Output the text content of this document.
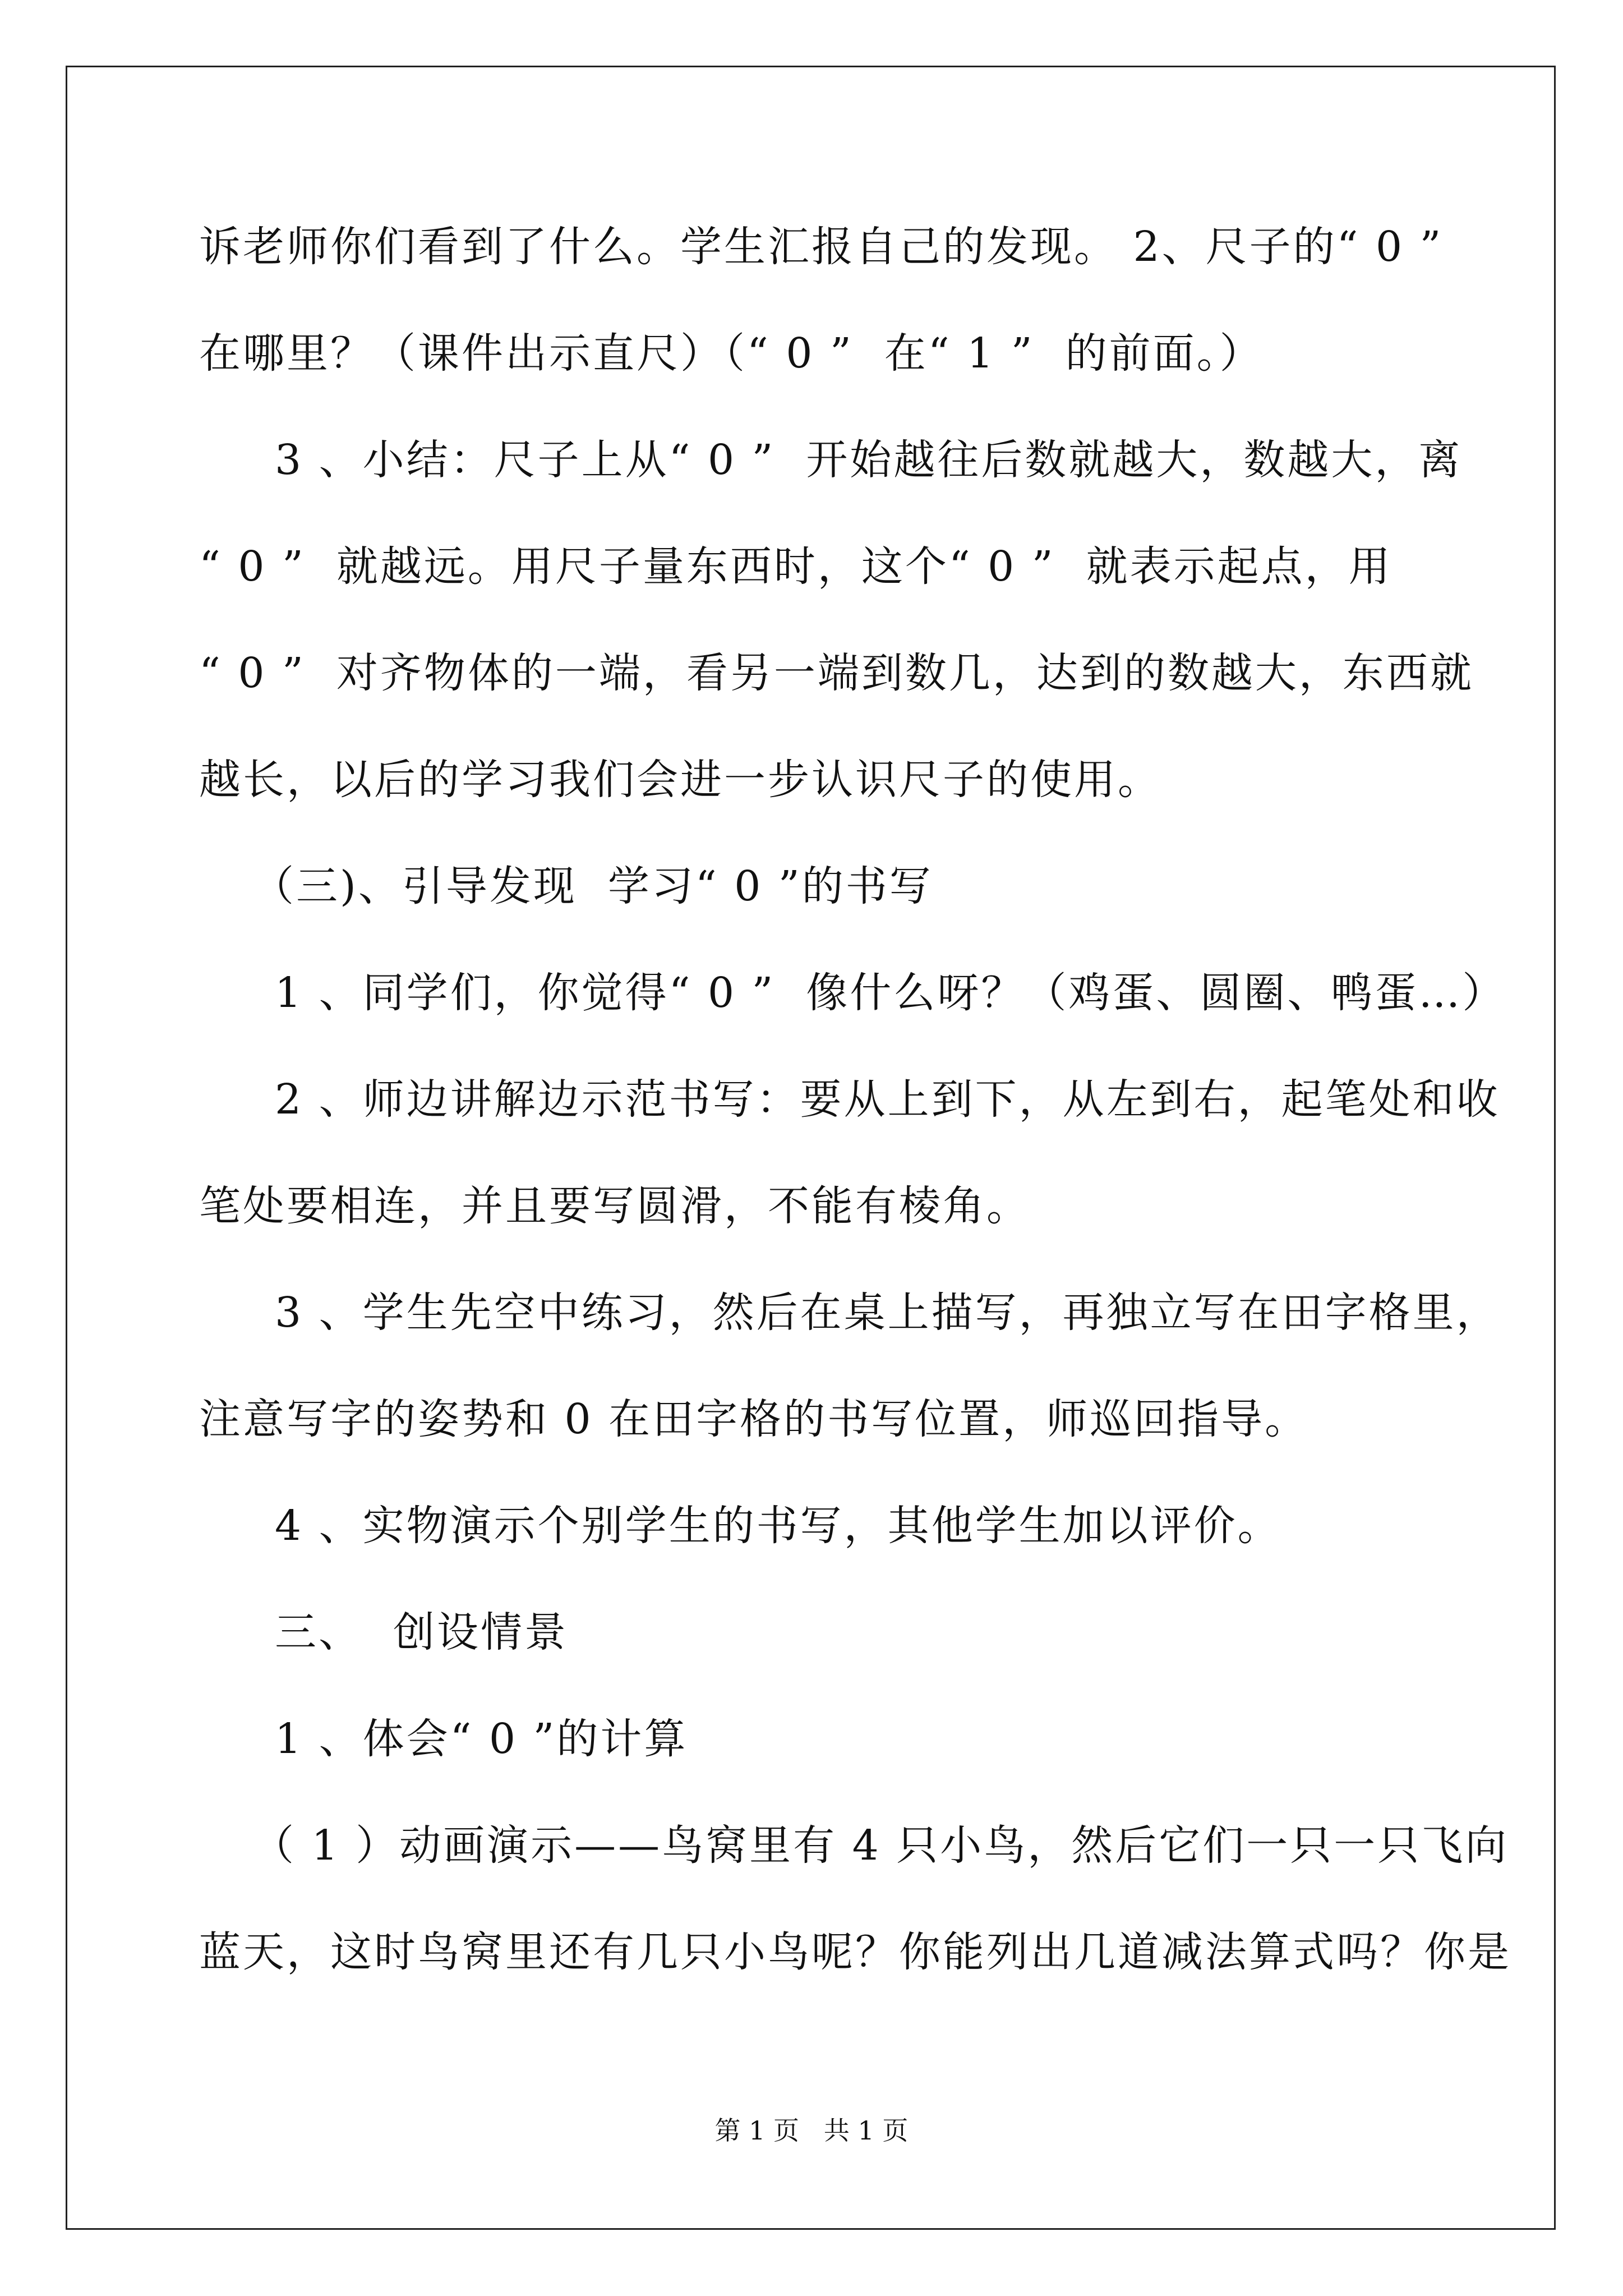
诉老师你们看到了什么。学生汇报自己的发现。 2、尺子的“ 0 ”
在哪里？（课件出示直尺）（“ 0 ”  在“ 1 ”  的前面。）
3 、小结：尺子上从“ 0 ”  开始越往后数就越大，数越大，离
“ 0 ”  就越远。用尺子量东西时，这个“ 0 ”  就表示起点，用
“ 0 ”  对齐物体的一端，看另一端到数几，达到的数越大，东西就
越长，以后的学习我们会进一步认识尺子的使用。
（三)、引导发现  学习“ 0 ”的书写
1 、同学们，你觉得“ 0 ”  像什么呀？（鸡蛋、圆圈、鸭蛋…）
2 、师边讲解边示范书写：要从上到下，从左到右，起笔处和收
笔处要相连，并且要写圆滑，不能有棱角。
3 、学生先空中练习，然后在桌上描写，再独立写在田字格里，
注意写字的姿势和 0 在田字格的书写位置，师巡回指导。
4 、实物演示个别学生的书写，其他学生加以评价。
三、  创设情景
1 、体会“ 0 ”的计算
（ 1 ）动画演示——鸟窝里有 4 只小鸟，然后它们一只一只飞向
蓝天，这时鸟窝里还有几只小鸟呢？你能列出几道减法算式吗？你是
第 1 页   共 1 页
